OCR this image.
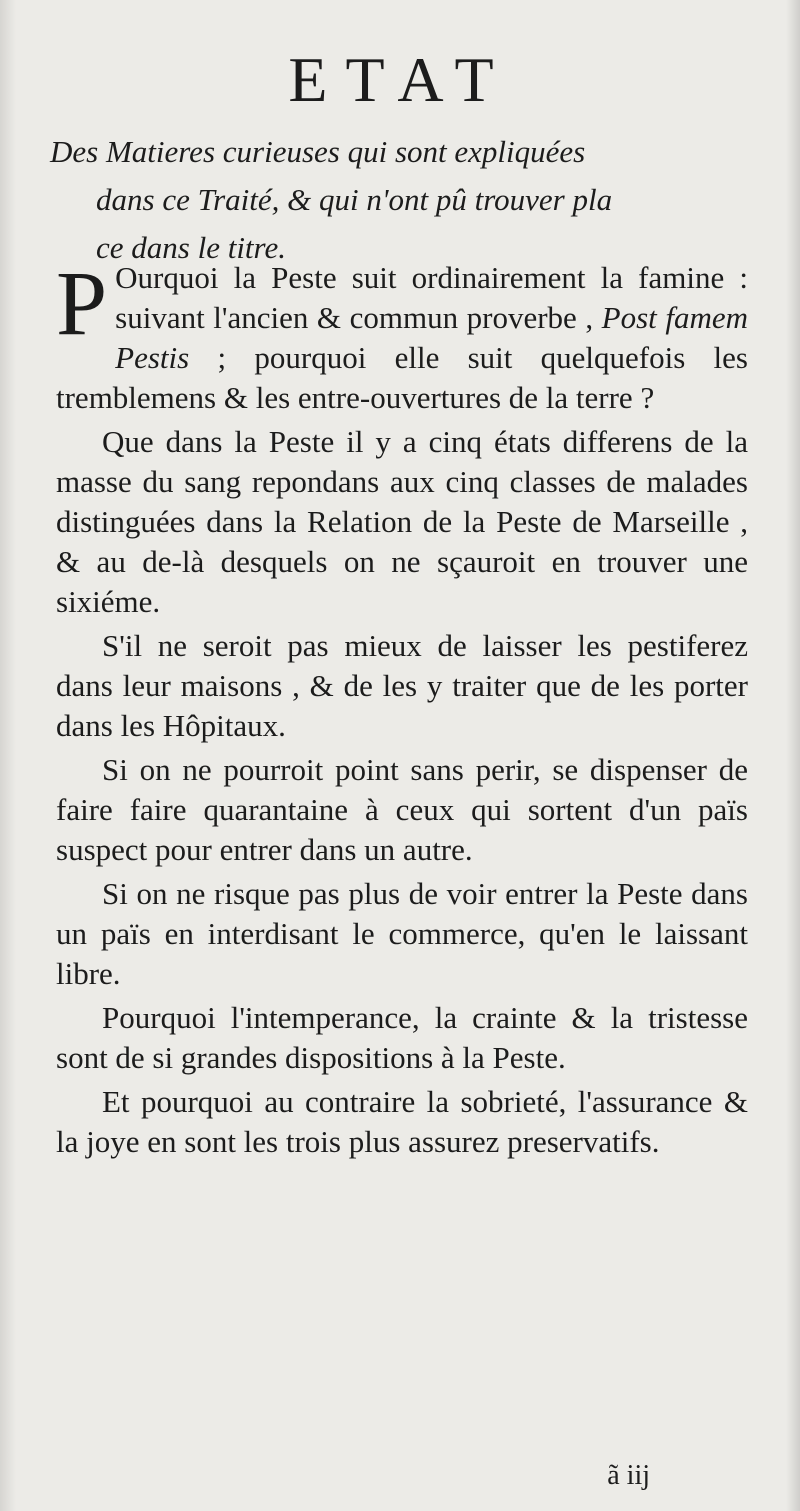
ETAT
Des Matieres curieuses qui sont expliquées
dans ce Traité, & qui n'ont pû trouver pla
ce dans le titre.

P Ourquoi la Peste suit ordinairement la famine : suivant l'ancien & commun proverbe , Post famem Pestis ; pourquoi elle suit quelquefois les tremblemens & les entre-ouvertures de la terre ?

Que dans la Peste il y a cinq états differens de la masse du sang repondans aux cinq classes de malades distinguées dans la Relation de la Peste de Marseille , & au de-là desquels on ne sçauroit en trouver une sixiéme.

S'il ne seroit pas mieux de laisser les pestiferez dans leur maisons , & de les y traiter que de les porter dans les Hôpitaux.

Si on ne pourroit point sans perir, se dispenser de faire faire quarantaine à ceux qui sortent d'un païs suspect pour entrer dans un autre.

Si on ne risque pas plus de voir entrer la Peste dans un païs en interdisant le commerce, qu'en le laissant libre.

Pourquoi l'intemperance, la crainte & la tristesse sont de si grandes dispositions à la Peste.

Et pourquoi au contraire la sobrieté, l'assurance & la joye en sont les trois plus assurez preservatifs.

ã iij
